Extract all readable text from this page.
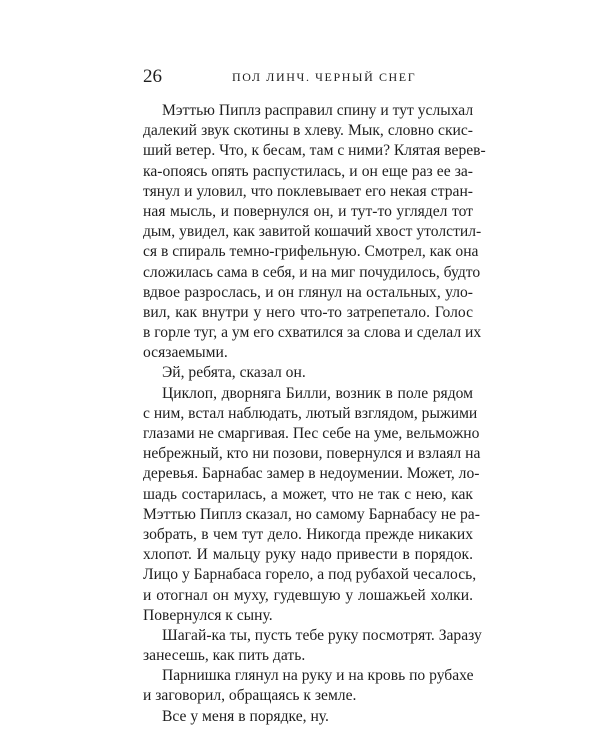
26	ПОЛ ЛИНЧ. ЧЕРНЫЙ СНЕГ
Мэттью Пиплз расправил спину и тут услыхал
далекий звук скотины в хлеву. Мык, словно скис-
ший ветер. Что, к бесам, там с ними? Клятая верев-
ка-опоясь опять распустилась, и он еще раз ее за-
тянул и уловил, что поклевывает его некая стран-
ная мысль, и повернулся он, и тут-то углядел тот
дым, увидел, как завитой кошачий хвост утолстил-
ся в спираль темно-грифельную. Смотрел, как она
сложилась сама в себя, и на миг почудилось, будто
вдвое разрослась, и он глянул на остальных, уло-
вил, как внутри у него что-то затрепетало. Голос
в горле туг, а ум его схватился за слова и сделал их
осязаемыми.
Эй, ребята, сказал он.
Циклоп, дворняга Билли, возник в поле рядом
с ним, встал наблюдать, лютый взглядом, рыжими
глазами не смаргивая. Пес себе на уме, вельможно
небрежный, кто ни позови, повернулся и взлаял на
деревья. Барнабас замер в недоумении. Может, ло-
шадь состарилась, а может, что не так с нею, как
Мэттью Пиплз сказал, но самому Барнабасу не ра-
зобрать, в чем тут дело. Никогда прежде никаких
хлопот. И мальцу руку надо привести в порядок.
Лицо у Барнабаса горело, а под рубахой чесалось,
и отогнал он муху, гудевшую у лошажьей холки.
Повернулся к сыну.
Шагай-ка ты, пусть тебе руку посмотрят. Заразу
занесешь, как пить дать.
Парнишка глянул на руку и на кровь по рубахе
и заговорил, обращаясь к земле.
Все у меня в порядке, ну.
